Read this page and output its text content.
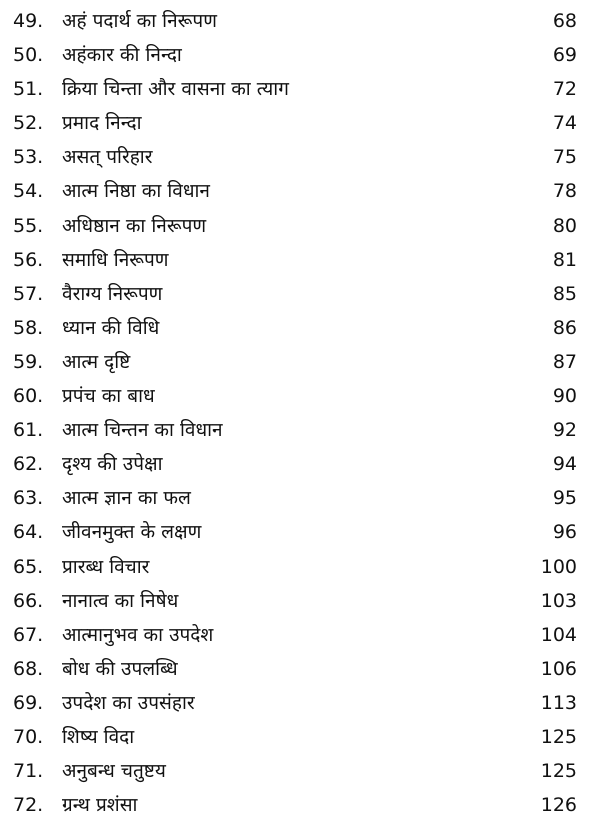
49. अहं पदार्थ का निरूपण	68
50. अहंकार की निन्दा	69
51. क्रिया चिन्ता और वासना का त्याग	72
52. प्रमाद निन्दा	74
53. असत् परिहार	75
54. आत्म निष्ठा का विधान	78
55. अधिष्ठान का निरूपण	80
56. समाधि निरूपण	81
57. वैराग्य निरूपण	85
58. ध्यान की विधि	86
59. आत्म दृष्टि	87
60. प्रपंच का बाध	90
61. आत्म चिन्तन का विधान	92
62. दृश्य की उपेक्षा	94
63. आत्म ज्ञान का फल	95
64. जीवनमुक्त के लक्षण	96
65. प्रारब्ध विचार	100
66. नानात्व का निषेध	103
67. आत्मानुभव का उपदेश	104
68. बोध की उपलब्धि	106
69. उपदेश का उपसंहार	113
70. शिष्य विदा	125
71. अनुबन्ध चतुष्टय	125
72. ग्रन्थ प्रशंसा	126
